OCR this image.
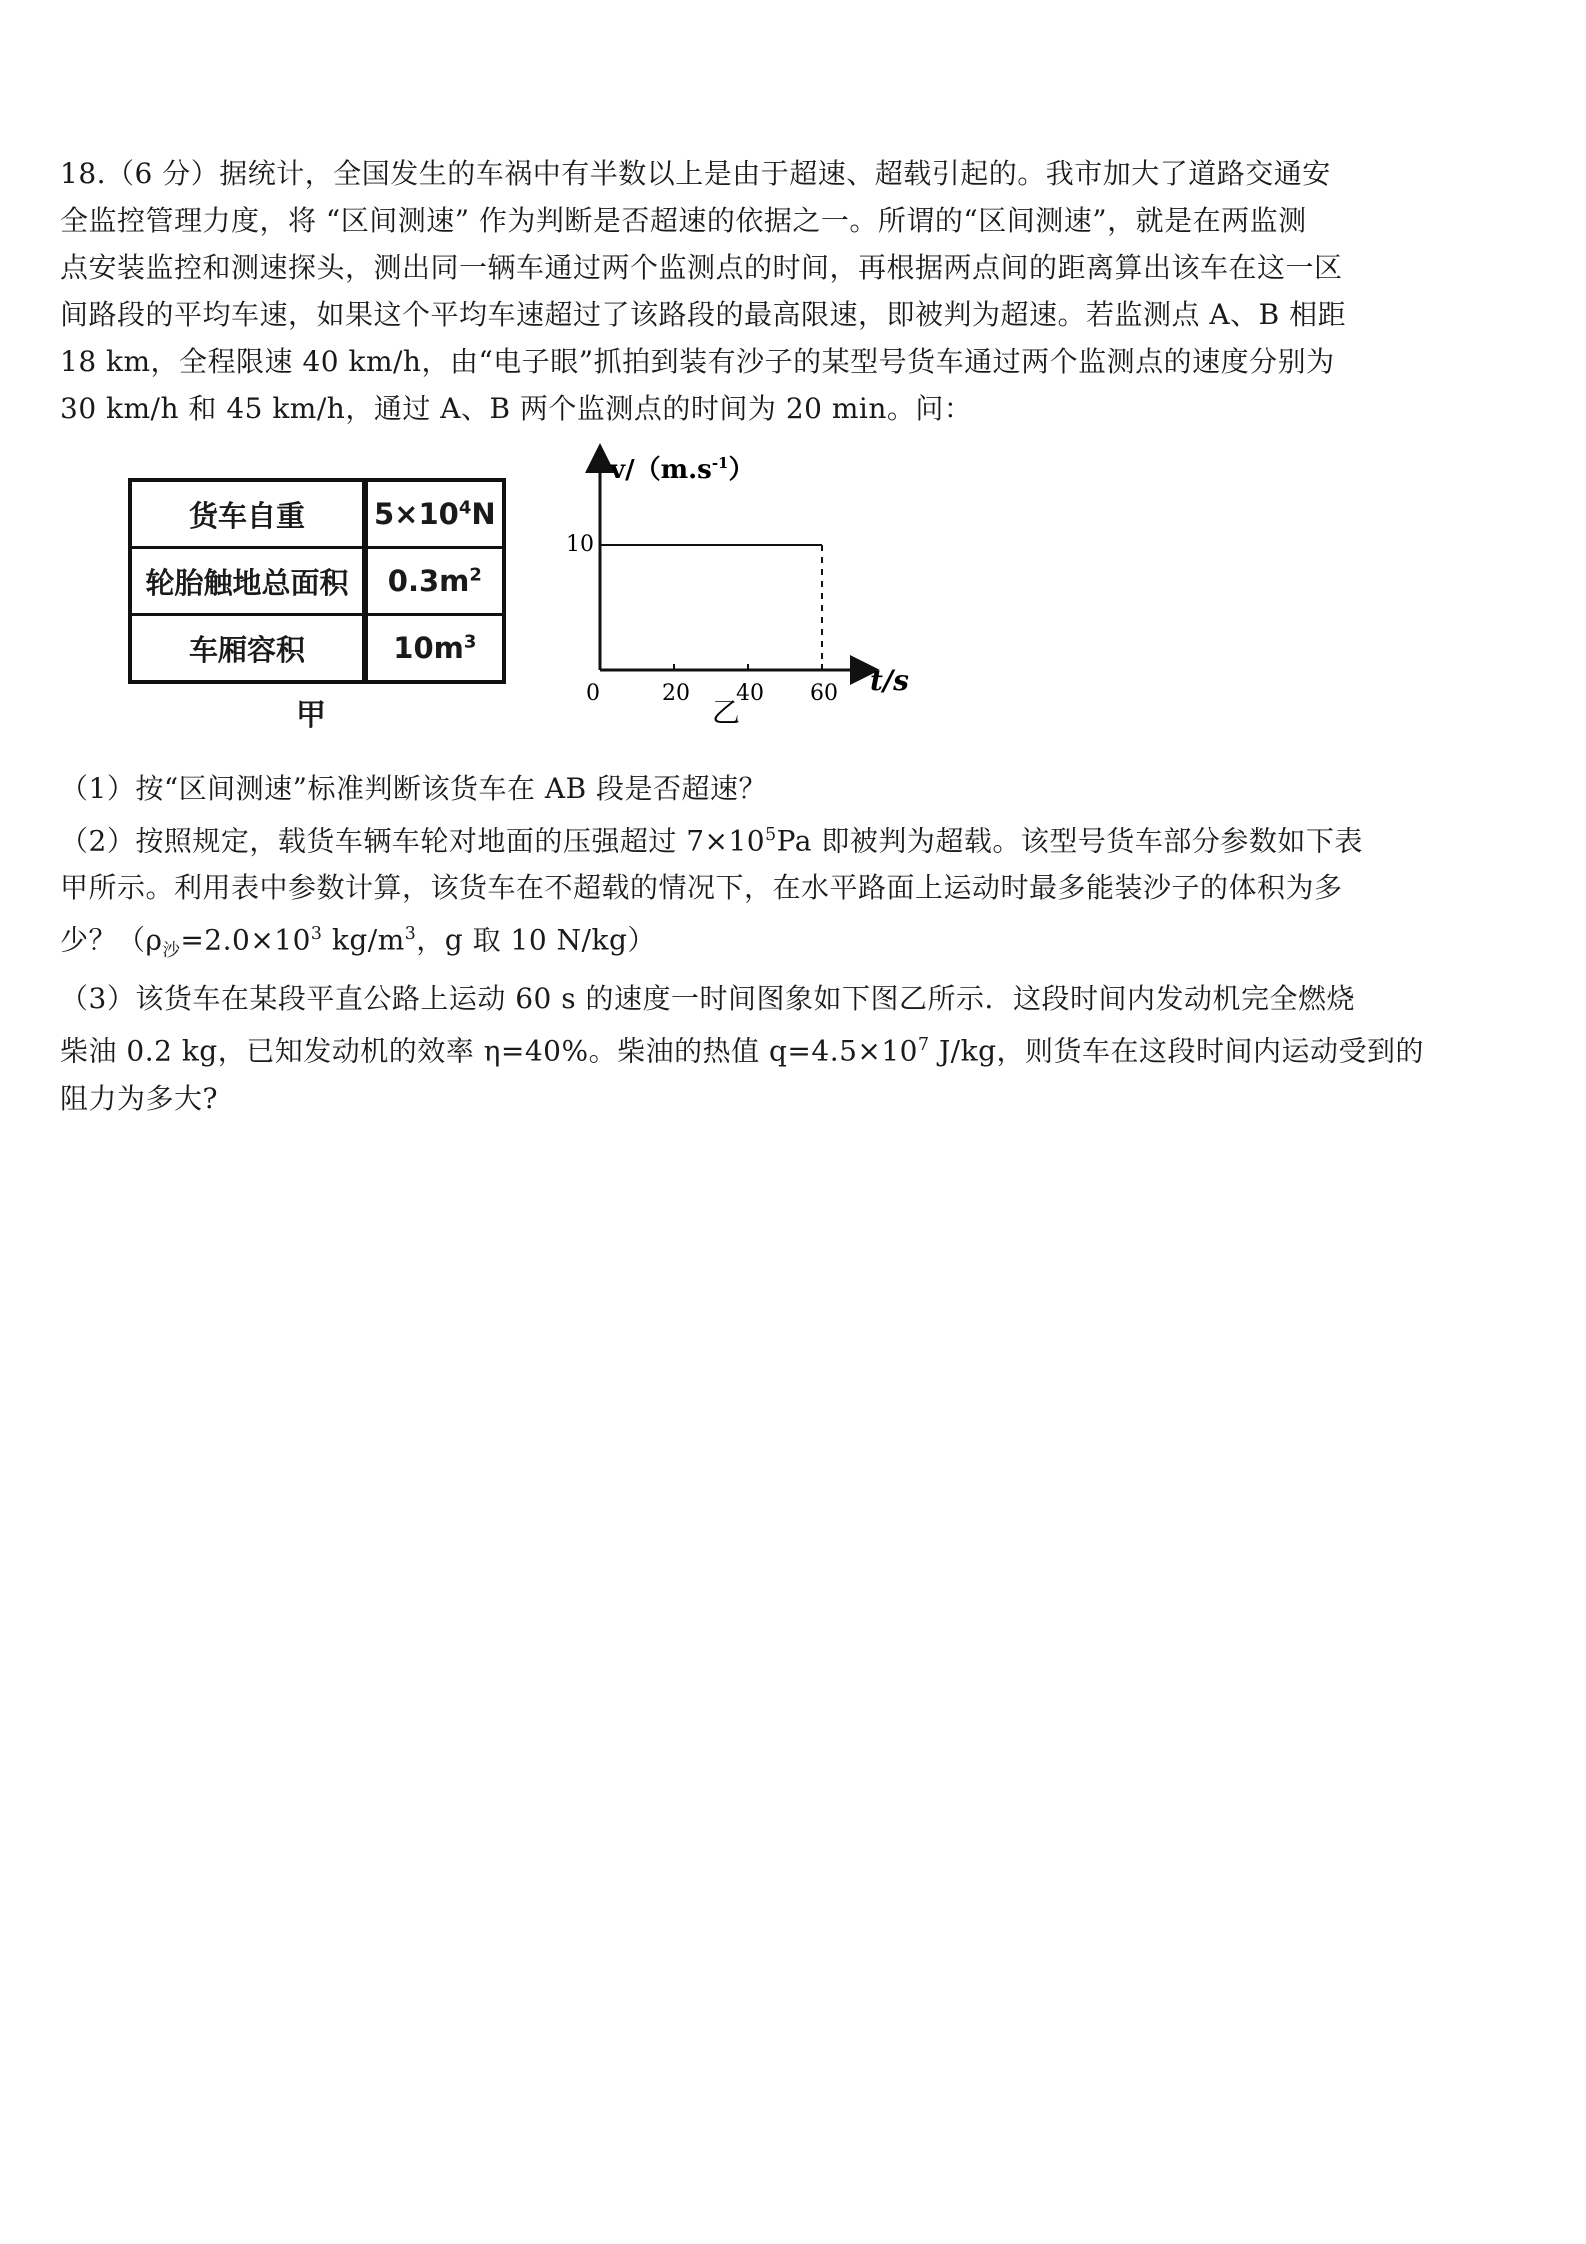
18.（6 分）据统计，全国发生的车祸中有半数以上是由于超速、超载引起的。我市加大了道路交通安

全监控管理力度，将 “区间测速” 作为判断是否超速的依据之一。所谓的“区间测速”，就是在两监测

点安装监控和测速探头，测出同一辆车通过两个监测点的时间，再根据两点间的距离算出该车在这一区

间路段的平均车速，如果这个平均车速超过了该路段的最高限速，即被判为超速。若监测点 A、B 相距

18 km，全程限速 40 km/h，由“电子眼”抓拍到装有沙子的某型号货车通过两个监测点的速度分别为

30 km/h 和 45 km/h，通过 A、B 两个监测点的时间为 20 min。问：

货车自重	$5\times 10^4N$
轮胎触地总面积	$0.3m^2$
车厢容积	$10m^3$
甲
$v/(m.s^{-1})$
t/s
乙
0	20 40 60
10
（1）按“区间测速”标准判断该货车在 AB 段是否超速？
（2）按照规定，载货车辆车轮对地面的压强超过 $7\times 10^5Pa$ 即被判为超载。该型号货车部分参数如下表
甲所示。利用表中参数计算，该货车在不超载的情况下，在水平路面上运动时最多能装沙子的体积为多
少？（$\rho_沙=2.0\times 10^3$ $kg/m^3$，g 取 10 N/kg）
（3）该货车在某段平直公路上运动 60 s 的速度一时间图象如下图乙所示．这段时间内发动机完全燃烧
柴油 0.2 kg，已知发动机的效率 η=40%。柴油的热值 $q=4.5\times 10^7$ J/kg，则货车在这段时间内运动受到的
阻力为多大?
